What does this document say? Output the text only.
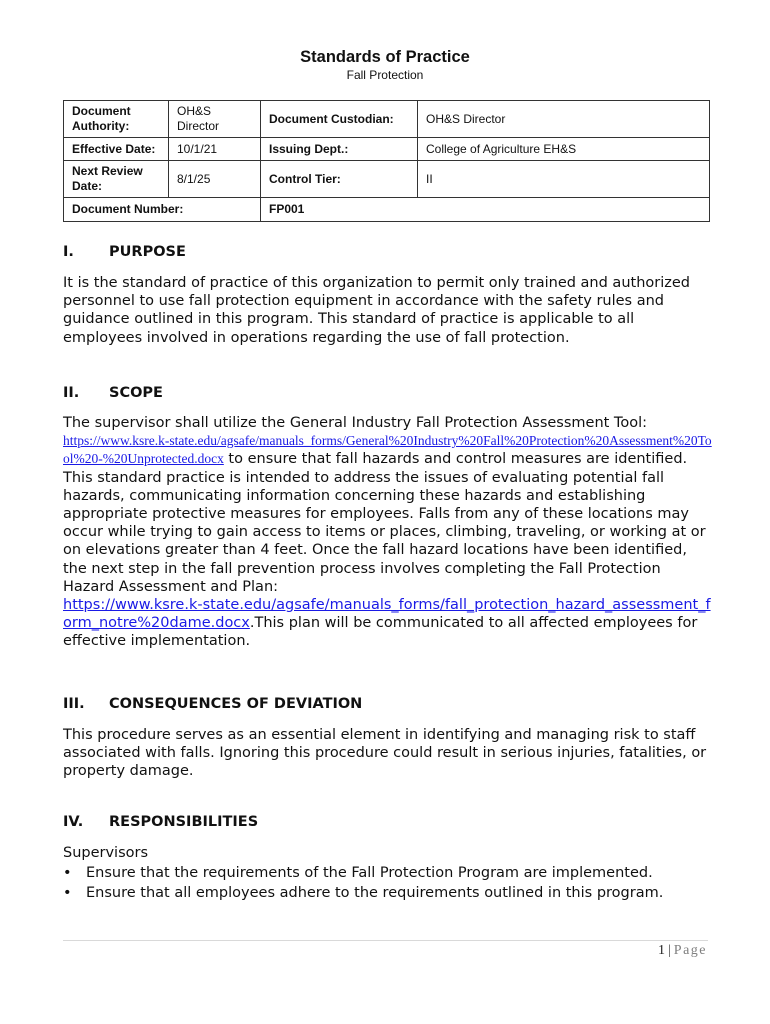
Standards of Practice
Fall Protection
Document Authority:	OH&S Director	Document Custodian:	OH&S Director
Effective Date:	10/1/21	Issuing Dept.:	College of Agriculture EH&S
Next Review Date:	8/1/25	Control Tier:	II
Document Number:		FP001	
I. PURPOSE

It is the standard of practice of this organization to permit only trained and authorized personnel to use fall protection equipment in accordance with the safety rules and guidance outlined in this program. This standard of practice is applicable to all employees involved in operations regarding the use of fall protection.

II. SCOPE

The supervisor shall utilize the General Industry Fall Protection Assessment Tool:
https://www.ksre.k-state.edu/agsafe/manuals_forms/General%20Industry%20Fall%20Protection%20Assessment%20Tool%20-%20Unprotected.docx to ensure that fall hazards and control measures are identified. This standard practice is intended to address the issues of evaluating potential fall hazards, communicating information concerning these hazards and establishing appropriate protective measures for employees. Falls from any of these locations may occur while trying to gain access to items or places, climbing, traveling, or working at or on elevations greater than 4 feet. Once the fall hazard locations have been identified, the next step in the fall prevention process involves completing the Fall Protection Hazard Assessment and Plan:
https://www.ksre.k-state.edu/agsafe/manuals_forms/fall_protection_hazard_assessment_form_notre%20dame.docx.This plan will be communicated to all affected employees for effective implementation.

III. CONSEQUENCES OF DEVIATION

This procedure serves as an essential element in identifying and managing risk to staff associated with falls. Ignoring this procedure could result in serious injuries, fatalities, or property damage.

IV. RESPONSIBILITIES
Supervisors
• Ensure that the requirements of the Fall Protection Program are implemented.
• Ensure that all employees adhere to the requirements outlined in this program.
1 | Page
